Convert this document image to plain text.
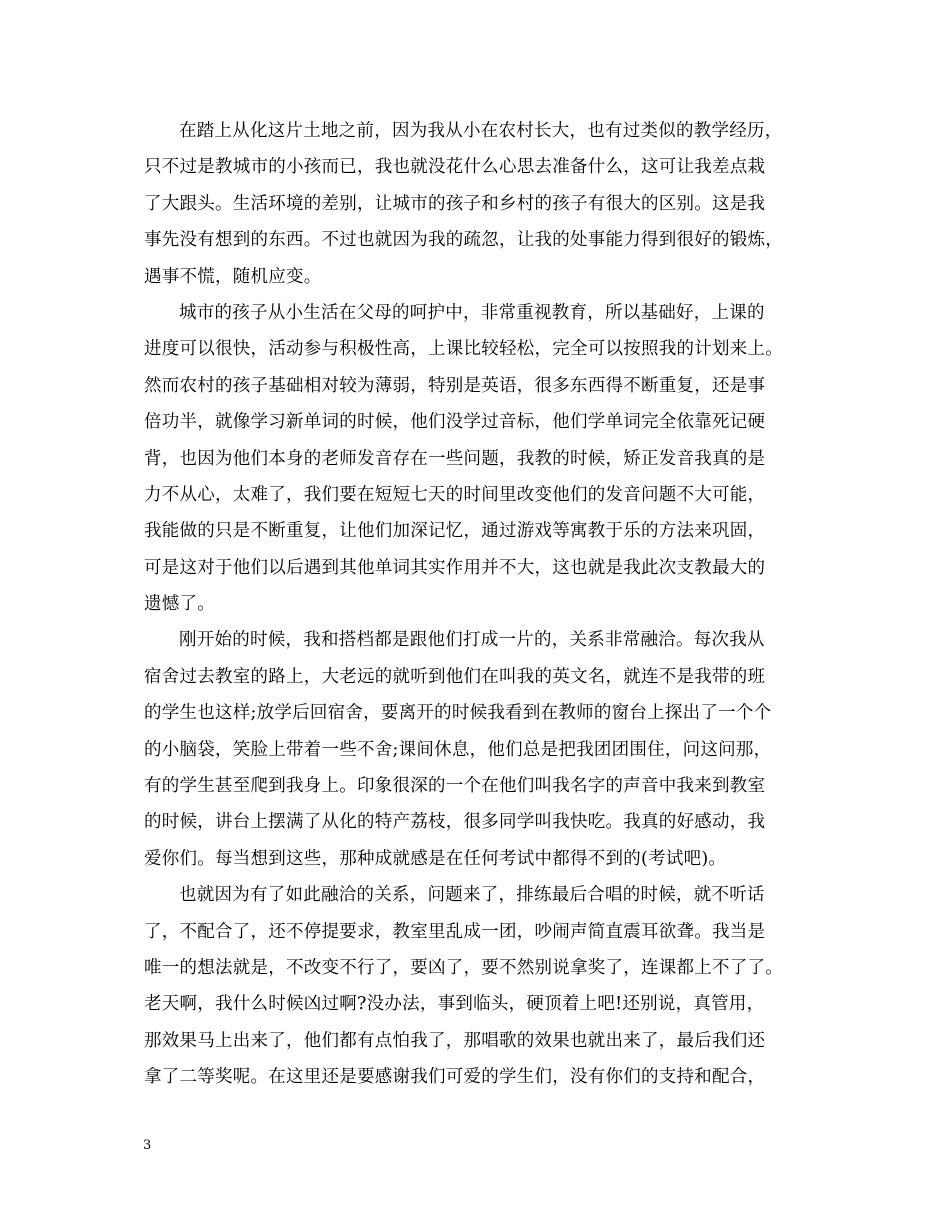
在踏上从化这片土地之前，因为我从小在农村长大，也有过类似的教学经历，
只不过是教城市的小孩而已，我也就没花什么心思去准备什么，这可让我差点栽
了大跟头。生活环境的差别，让城市的孩子和乡村的孩子有很大的区别。这是我
事先没有想到的东西。不过也就因为我的疏忽，让我的处事能力得到很好的锻炼，
遇事不慌，随机应变。
城市的孩子从小生活在父母的呵护中，非常重视教育，所以基础好，上课的
进度可以很快，活动参与积极性高，上课比较轻松，完全可以按照我的计划来上。
然而农村的孩子基础相对较为薄弱，特别是英语，很多东西得不断重复，还是事
倍功半，就像学习新单词的时候，他们没学过音标，他们学单词完全依靠死记硬
背，也因为他们本身的老师发音存在一些问题，我教的时候，矫正发音我真的是
力不从心，太难了，我们要在短短七天的时间里改变他们的发音问题不大可能，
我能做的只是不断重复，让他们加深记忆，通过游戏等寓教于乐的方法来巩固，
可是这对于他们以后遇到其他单词其实作用并不大，这也就是我此次支教最大的
遗憾了。
刚开始的时候，我和搭档都是跟他们打成一片的，关系非常融洽。每次我从
宿舍过去教室的路上，大老远的就听到他们在叫我的英文名，就连不是我带的班
的学生也这样;放学后回宿舍，要离开的时候我看到在教师的窗台上探出了一个个
的小脑袋，笑脸上带着一些不舍;课间休息，他们总是把我团团围住，问这问那，
有的学生甚至爬到我身上。印象很深的一个在他们叫我名字的声音中我来到教室
的时候，讲台上摆满了从化的特产荔枝，很多同学叫我快吃。我真的好感动，我
爱你们。每当想到这些，那种成就感是在任何考试中都得不到的(考试吧)。
也就因为有了如此融洽的关系，问题来了，排练最后合唱的时候，就不听话
了，不配合了，还不停提要求，教室里乱成一团，吵闹声简直震耳欲聋。我当是
唯一的想法就是，不改变不行了，要凶了，要不然别说拿奖了，连课都上不了了。
老天啊，我什么时候凶过啊?没办法，事到临头，硬顶着上吧!还别说，真管用，
那效果马上出来了，他们都有点怕我了，那唱歌的效果也就出来了，最后我们还
拿了二等奖呢。在这里还是要感谢我们可爱的学生们，没有你们的支持和配合，
3
